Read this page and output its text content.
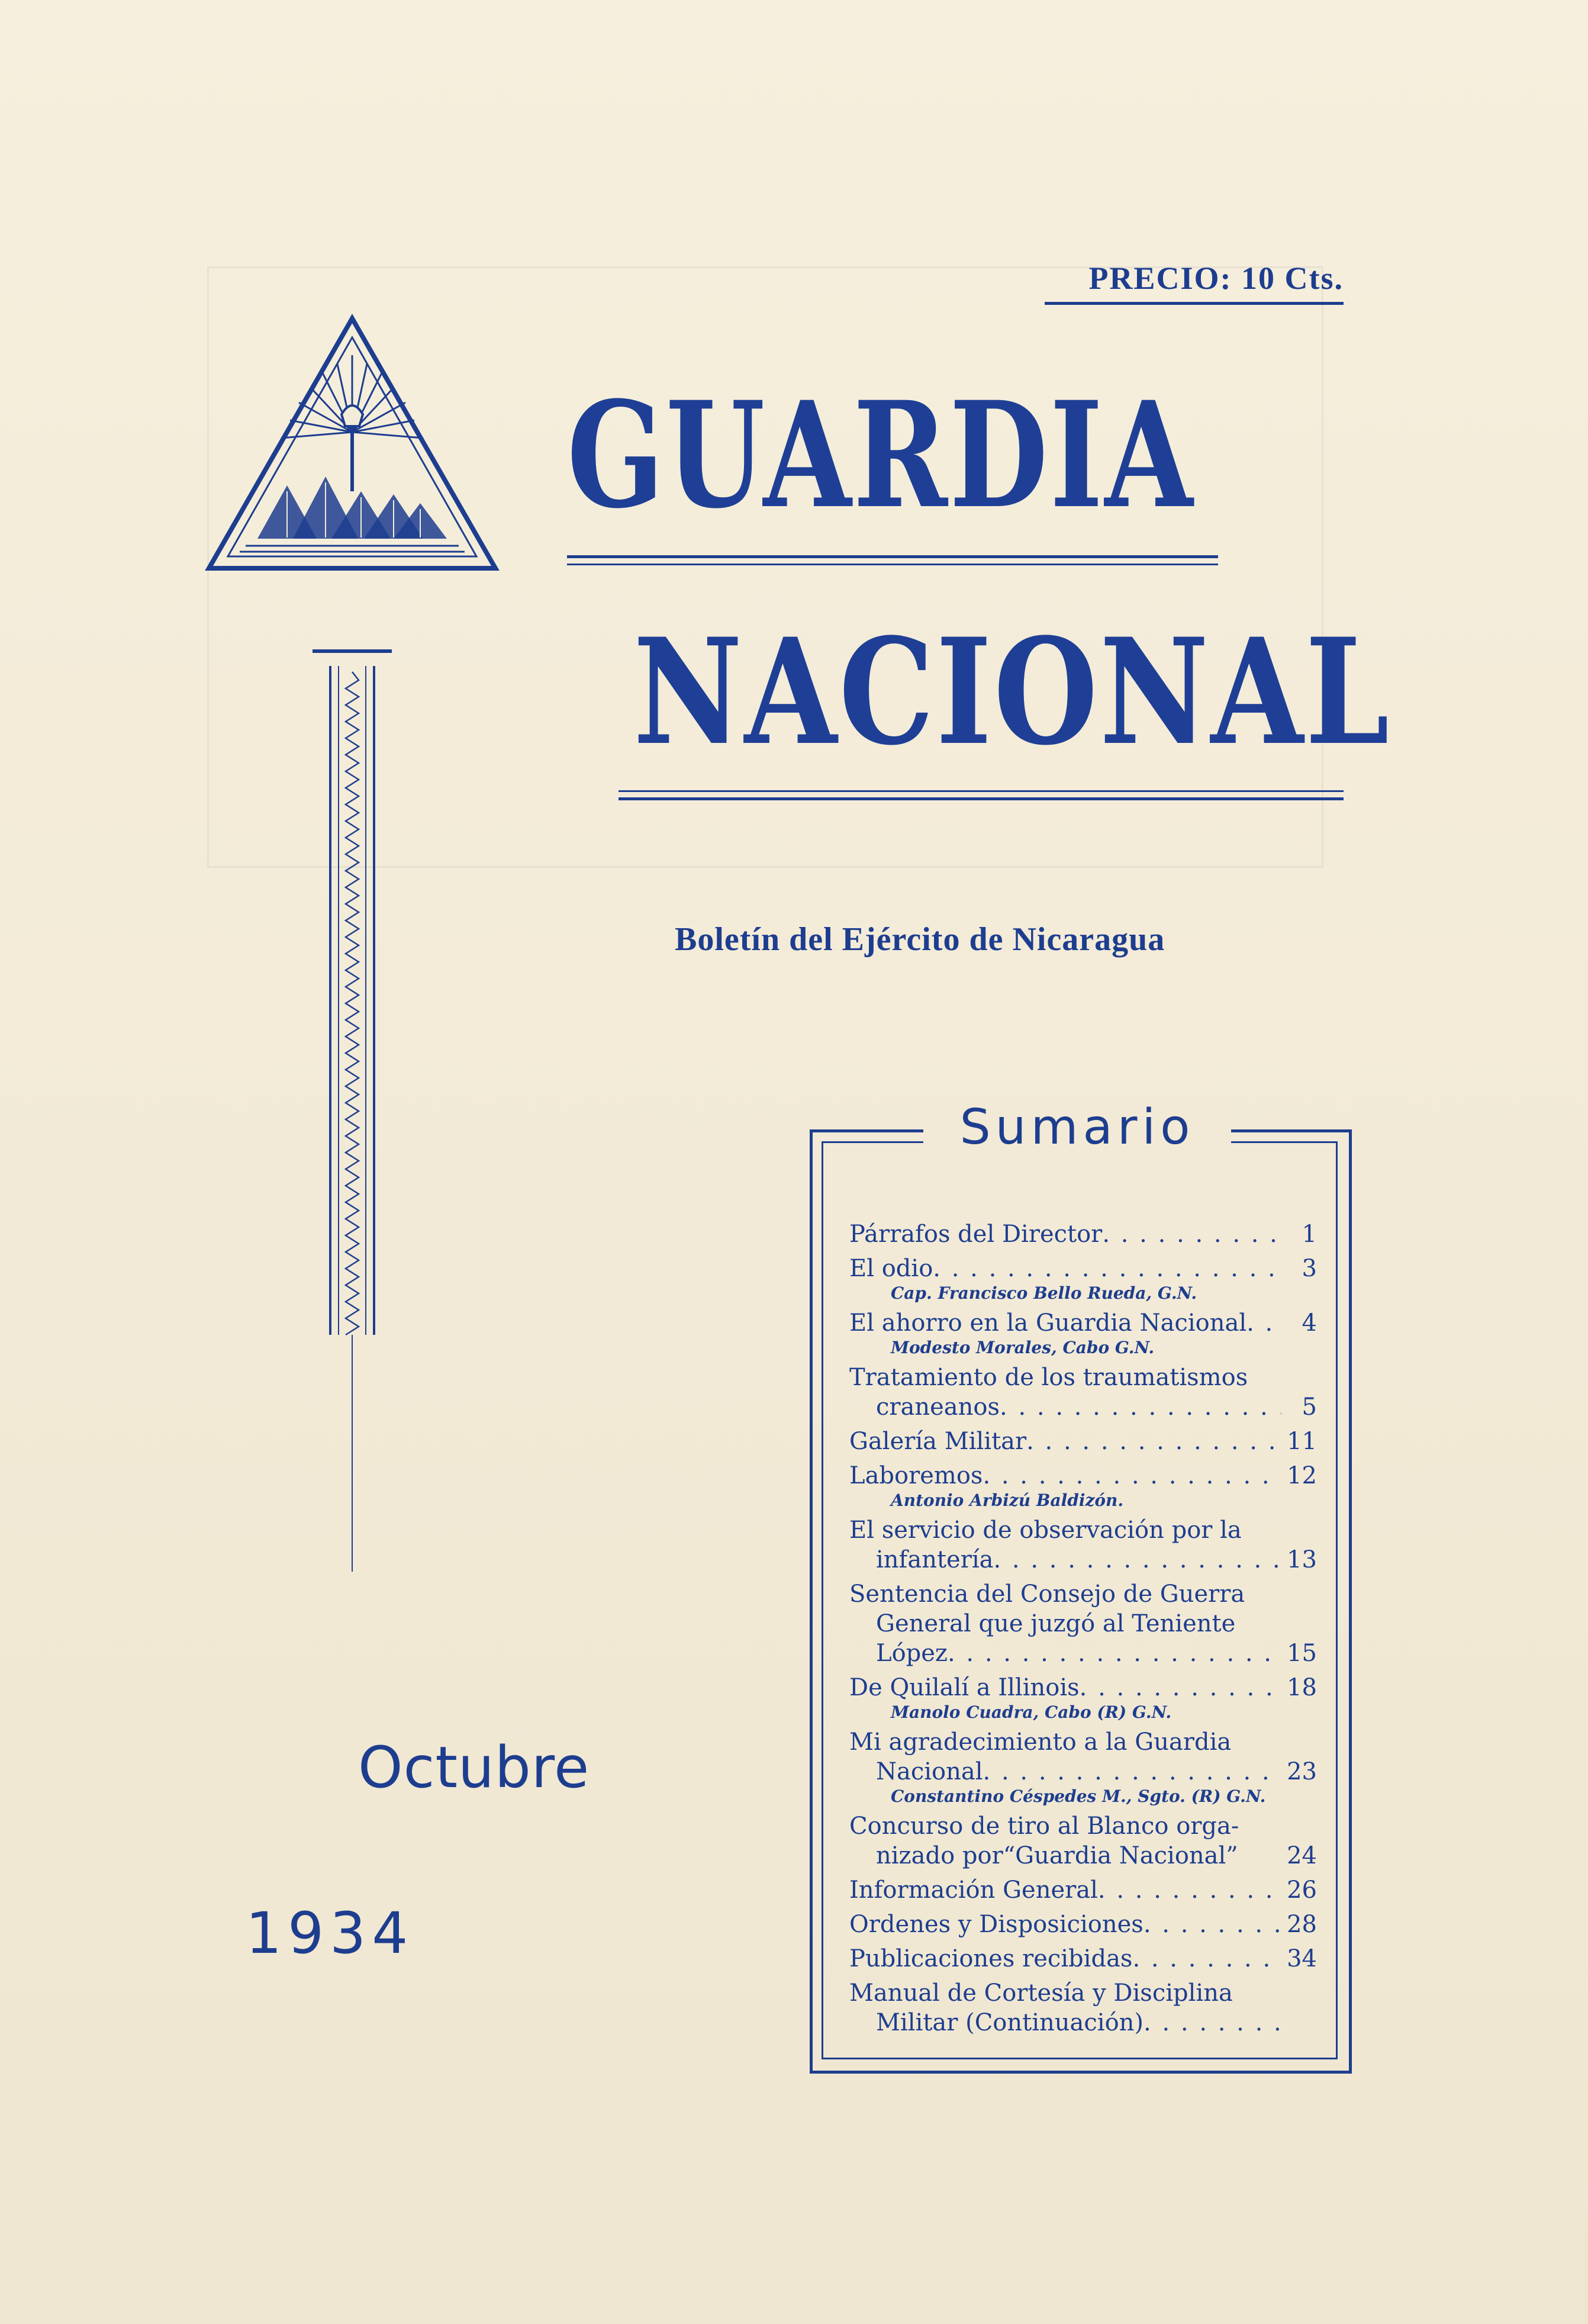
PRECIO: 10 Cts.
GUARDIA
NACIONAL
Boletín del Ejército de Nicaragua
Sumario
Párrafos del Director . . .	1
El odio . . .	3
Cap. Francisco Bello Rueda, G.N.
El ahorro en la Guardia Nacional . . .	4
Modesto Morales, Cabo G.N.
Tratamiento de los traumatismos
craneanos . . .	5
Galería Militar . . .	11
Laboremos . . .	12
Antonio Arbizú Baldizón.
El servicio de observación por la
infantería . . .	13
Sentencia del Consejo de Guerra
General que juzgó al Teniente
López . . .	15
De Quilalí a Illinois . . .	18
Manolo Cuadra, Cabo (R) G.N.
Mi agradecimiento a la Guardia
Nacional . . .	23
Constantino Céspedes M., Sgto. (R) G.N.
Concurso de tiro al Blanco orga-
nizado por“Guardia Nacional” 24
Información General . . .	26
Ordenes y Disposiciones . . .	28
Publicaciones recibidas . . .	34
Manual de Cortesía y Disciplina
Militar (Continuación)
. . .
Octubre
1934
